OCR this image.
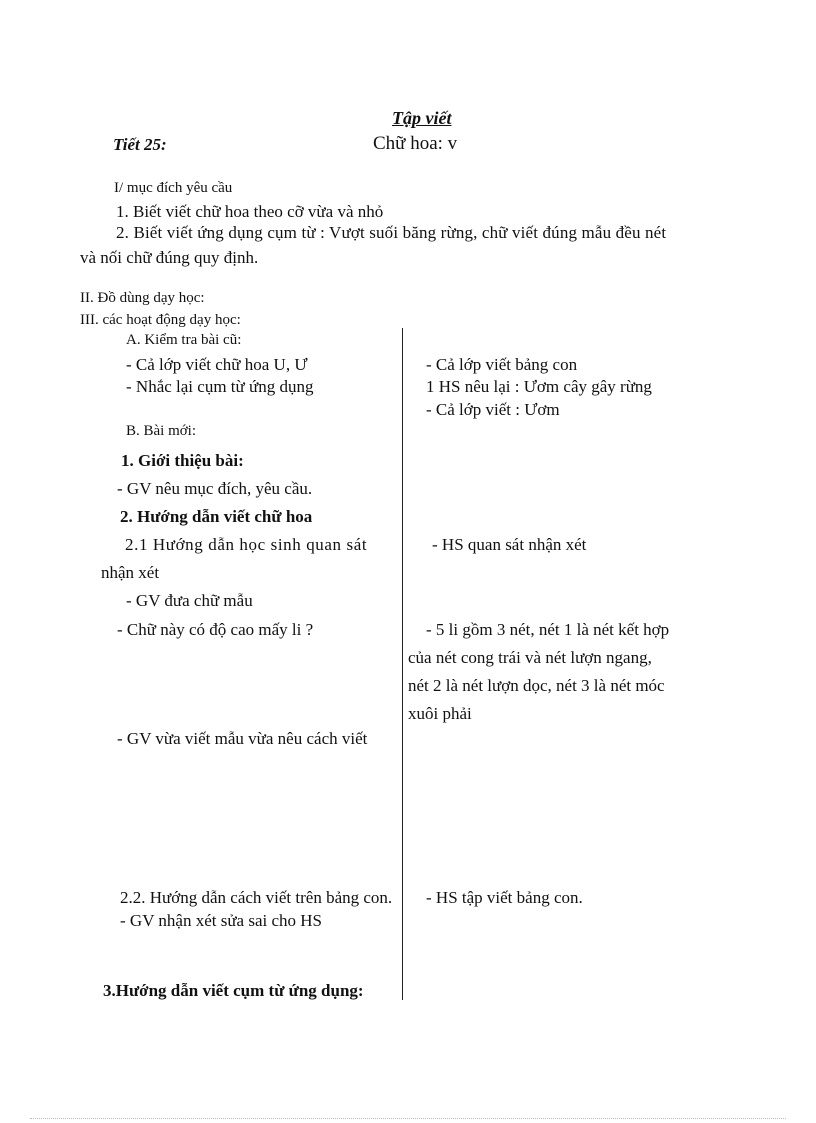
Tập viết
Tiết 25:	Chữ hoa: v
I/ mục đích yêu cầu
1. Biết viết chữ hoa theo cỡ vừa và nhỏ
2. Biết viết ứng dụng cụm từ : Vượt suối băng rừng, chữ viết đúng mẫu đều nét
và nối chữ đúng quy định.
II. Đồ dùng dạy học:
III. các hoạt động dạy học:
A. Kiểm tra bài cũ:
- Cả lớp viết chữ hoa U, Ư
- Nhắc lại cụm từ ứng dụng
- Cả lớp viết bảng con
1 HS nêu lại : Ươm cây gây rừng
- Cả lớp viết : Ươm
B. Bài mới:
1. Giới thiệu bài:
- GV nêu mục đích, yêu cầu.
2. Hướng dẫn viết chữ hoa
2.1 Hướng dẫn học sinh quan sát
nhận xét
- HS quan sát nhận xét
- GV đưa chữ mẫu
- Chữ này có độ cao mấy li ?	- 5 li gồm 3 nét, nét 1 là nét kết hợp
của nét cong trái và nét lượn ngang,
nét 2 là nét lượn dọc, nét 3 là nét móc
xuôi phải
- GV vừa viết mẫu vừa nêu cách viết
2.2. Hướng dẫn cách viết trên bảng con. - HS tập viết bảng con.
- GV nhận xét sửa sai cho HS
3.Hướng dẫn viết cụm từ ứng dụng:
